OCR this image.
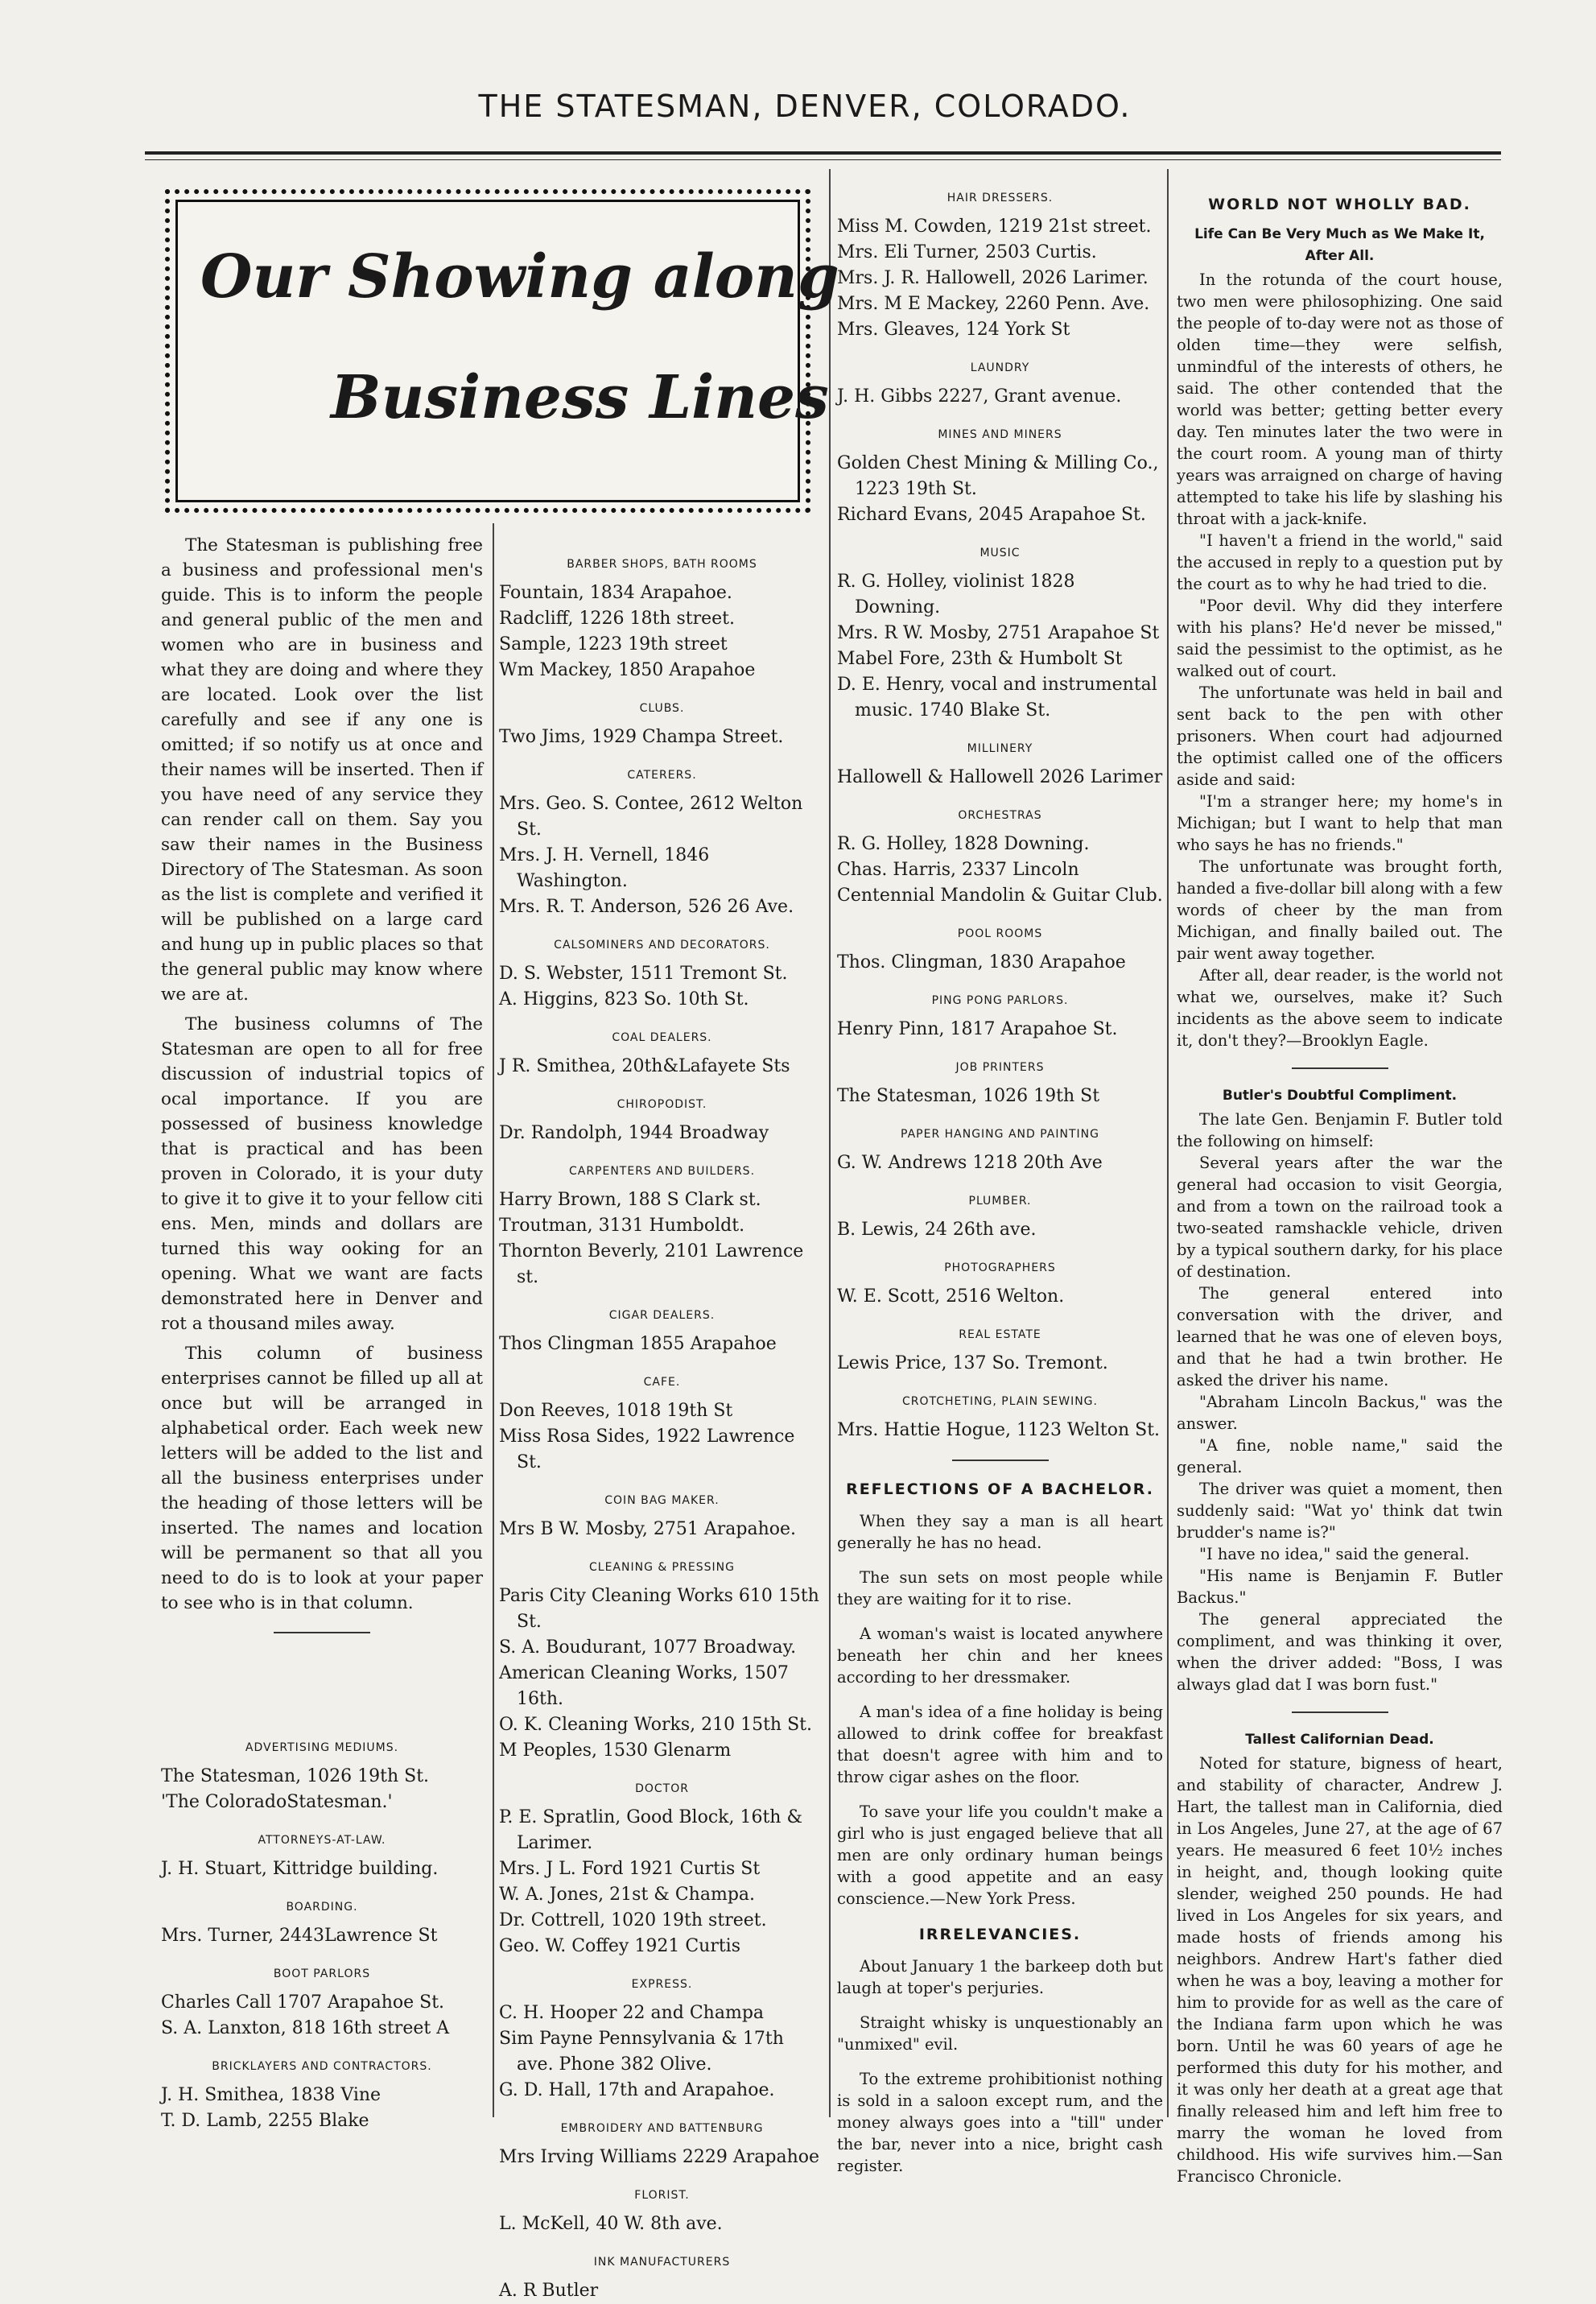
THE STATESMAN, DENVER, COLORADO.
Our Showing along
Business Lines

The Statesman is publishing free a business and professional men's guide. This is to inform the people and general public of the men and women who are in business and what they are doing and where they are located. Look over the list carefully and see if any one is omitted; if so notify us at once and their names will be inserted. Then if you have need of any service they can render call on them. Say you saw their names in the Business Directory of The Statesman. As soon as the list is complete and verified it will be published on a large card and hung up in public places so that the general public may know where we are at.

The business columns of The Statesman are open to all for free discussion of industrial topics of ocal importance. If you are possessed of business knowledge that is practical and has been proven in Colorado, it is your duty to give it to give it to your fellow citi ens. Men, minds and dollars are turned this way ooking for an opening. What we want are facts demonstrated here in Denver and rot a thousand miles away.

This column of business enterprises cannot be filled up all at once but will be arranged in alphabetical order. Each week new letters will be added to the list and all the business enterprises under the heading of those letters will be inserted. The names and location will be permanent so that all you need to do is to look at your paper to see who is in that column.

ADVERTISING MEDIUMS.
The Statesman, 1026 19th St.
'The ColoradoStatesman.'
ATTORNEYS-AT-LAW.
J. H. Stuart, Kittridge building.
BOARDING.
Mrs. Turner, 2443Lawrence St
BOOT PARLORS
Charles Call 1707 Arapahoe St.
S. A. Lanxton, 818 16th street A
BRICKLAYERS AND CONTRACTORS.
J. H. Smithea, 1838 Vine
T. D. Lamb, 2255 Blake
BARBER SHOPS, BATH ROOMS
Fountain, 1834 Arapahoe.
Radcliff, 1226 18th street.
Sample, 1223 19th street
Wm Mackey, 1850 Arapahoe
CLUBS.
Two Jims, 1929 Champa Street.
CATERERS.
Mrs. Geo. S. Contee, 2612 Welton St.
Mrs. J. H. Vernell, 1846 Washington.
Mrs. R. T. Anderson, 526 26 Ave.
CALSOMINERS AND DECORATORS.
D. S. Webster, 1511 Tremont St.
A. Higgins, 823 So. 10th St.
COAL DEALERS.
J R. Smithea, 20th&Lafayete Sts
CHIROPODIST.
Dr. Randolph, 1944 Broadway
CARPENTERS AND BUILDERS.
Harry Brown, 188 S Clark st.
Troutman, 3131 Humboldt.
Thornton Beverly, 2101 Lawrence st.
CIGAR DEALERS.
Thos Clingman 1855 Arapahoe
CAFE.
Don Reeves, 1018 19th St
Miss Rosa Sides, 1922 Lawrence St.
COIN BAG MAKER.
Mrs B W. Mosby, 2751 Arapahoe.
CLEANING & PRESSING
Paris City Cleaning Works 610 15th St.
S. A. Boudurant, 1077 Broadway.
American Cleaning Works, 1507 16th.
O. K. Cleaning Works, 210 15th St.
M Peoples, 1530 Glenarm
DOCTOR
P. E. Spratlin, Good Block, 16th & Larimer.
Mrs. J L. Ford 1921 Curtis St
W. A. Jones, 21st & Champa.
Dr. Cottrell, 1020 19th street.
Geo. W. Coffey 1921 Curtis
EXPRESS.
C. H. Hooper 22 and Champa
Sim Payne Pennsylvania & 17th ave. Phone 382 Olive.
G. D. Hall, 17th and Arapahoe.
EMBROIDERY AND BATTENBURG
Mrs Irving Williams 2229 Arapahoe
FLORIST.
L. McKell, 40 W. 8th ave.
INK MANUFACTURERS
A. R Butler
HAIR DRESSERS.
Miss M. Cowden, 1219 21st street.
Mrs. Eli Turner, 2503 Curtis.
Mrs. J. R. Hallowell, 2026 Larimer.
Mrs. M E Mackey, 2260 Penn. Ave.
Mrs. Gleaves, 124 York St
LAUNDRY
J. H. Gibbs 2227, Grant avenue.
MINES AND MINERS
Golden Chest Mining & Milling Co., 1223 19th St.
Richard Evans, 2045 Arapahoe St.
MUSIC
R. G. Holley, violinist 1828 Downing.
Mrs. R W. Mosby, 2751 Arapahoe St
Mabel Fore, 23th & Humbolt St
D. E. Henry, vocal and instrumental music. 1740 Blake St.
MILLINERY
Hallowell & Hallowell 2026 Larimer
ORCHESTRAS
R. G. Holley, 1828 Downing.
Chas. Harris, 2337 Lincoln
Centennial Mandolin & Guitar Club.
POOL ROOMS
Thos. Clingman, 1830 Arapahoe
PING PONG PARLORS.
Henry Pinn, 1817 Arapahoe St.
JOB PRINTERS
The Statesman, 1026 19th St
PAPER HANGING AND PAINTING
G. W. Andrews 1218 20th Ave
PLUMBER.
B. Lewis, 24 26th ave.
PHOTOGRAPHERS
W. E. Scott, 2516 Welton.
REAL ESTATE
Lewis Price, 137 So. Tremont.
CROTCHETING, PLAIN SEWING.
Mrs. Hattie Hogue, 1123 Welton St.
REFLECTIONS OF A BACHELOR.

When they say a man is all heart generally he has no head.

The sun sets on most people while they are waiting for it to rise.

A woman's waist is located anywhere beneath her chin and her knees according to her dressmaker.

A man's idea of a fine holiday is being allowed to drink coffee for breakfast that doesn't agree with him and to throw cigar ashes on the floor.

To save your life you couldn't make a girl who is just engaged believe that all men are only ordinary human beings with a good appetite and an easy conscience.—New York Press.

IRRELEVANCIES.

About January 1 the barkeep doth but laugh at toper's perjuries.

Straight whisky is unquestionably an "unmixed" evil.

To the extreme prohibitionist nothing is sold in a saloon except rum, and the money always goes into a "till" under the bar, never into a nice, bright cash register.

WORLD NOT WHOLLY BAD.
Life Can Be Very Much as We Make It, After All.

In the rotunda of the court house, two men were philosophizing. One said the people of to-day were not as those of olden time—they were selfish, unmindful of the interests of others, he said. The other contended that the world was better; getting better every day. Ten minutes later the two were in the court room. A young man of thirty years was arraigned on charge of having attempted to take his life by slashing his throat with a jack-knife.

"I haven't a friend in the world," said the accused in reply to a question put by the court as to why he had tried to die.

"Poor devil. Why did they interfere with his plans? He'd never be missed," said the pessimist to the optimist, as he walked out of court.

The unfortunate was held in bail and sent back to the pen with other prisoners. When court had adjourned the optimist called one of the officers aside and said:

"I'm a stranger here; my home's in Michigan; but I want to help that man who says he has no friends."

The unfortunate was brought forth, handed a five-dollar bill along with a few words of cheer by the man from Michigan, and finally bailed out. The pair went away together.

After all, dear reader, is the world not what we, ourselves, make it? Such incidents as the above seem to indicate it, don't they?—Brooklyn Eagle.

Butler's Doubtful Compliment.

The late Gen. Benjamin F. Butler told the following on himself:

Several years after the war the general had occasion to visit Georgia, and from a town on the railroad took a two-seated ramshackle vehicle, driven by a typical southern darky, for his place of destination.

The general entered into conversation with the driver, and learned that he was one of eleven boys, and that he had a twin brother. He asked the driver his name.

"Abraham Lincoln Backus," was the answer.

"A fine, noble name," said the general.

The driver was quiet a moment, then suddenly said: "Wat yo' think dat twin brudder's name is?"

"I have no idea," said the general.

"His name is Benjamin F. Butler Backus."

The general appreciated the compliment, and was thinking it over, when the driver added: "Boss, I was always glad dat I was born fust."

Tallest Californian Dead.

Noted for stature, bigness of heart, and stability of character, Andrew J. Hart, the tallest man in California, died in Los Angeles, June 27, at the age of 67 years. He measured 6 feet 10½ inches in height, and, though looking quite slender, weighed 250 pounds. He had lived in Los Angeles for six years, and made hosts of friends among his neighbors. Andrew Hart's father died when he was a boy, leaving a mother for him to provide for as well as the care of the Indiana farm upon which he was born. Until he was 60 years of age he performed this duty for his mother, and it was only her death at a great age that finally released him and left him free to marry the woman he loved from childhood. His wife survives him.—San Francisco Chronicle.
